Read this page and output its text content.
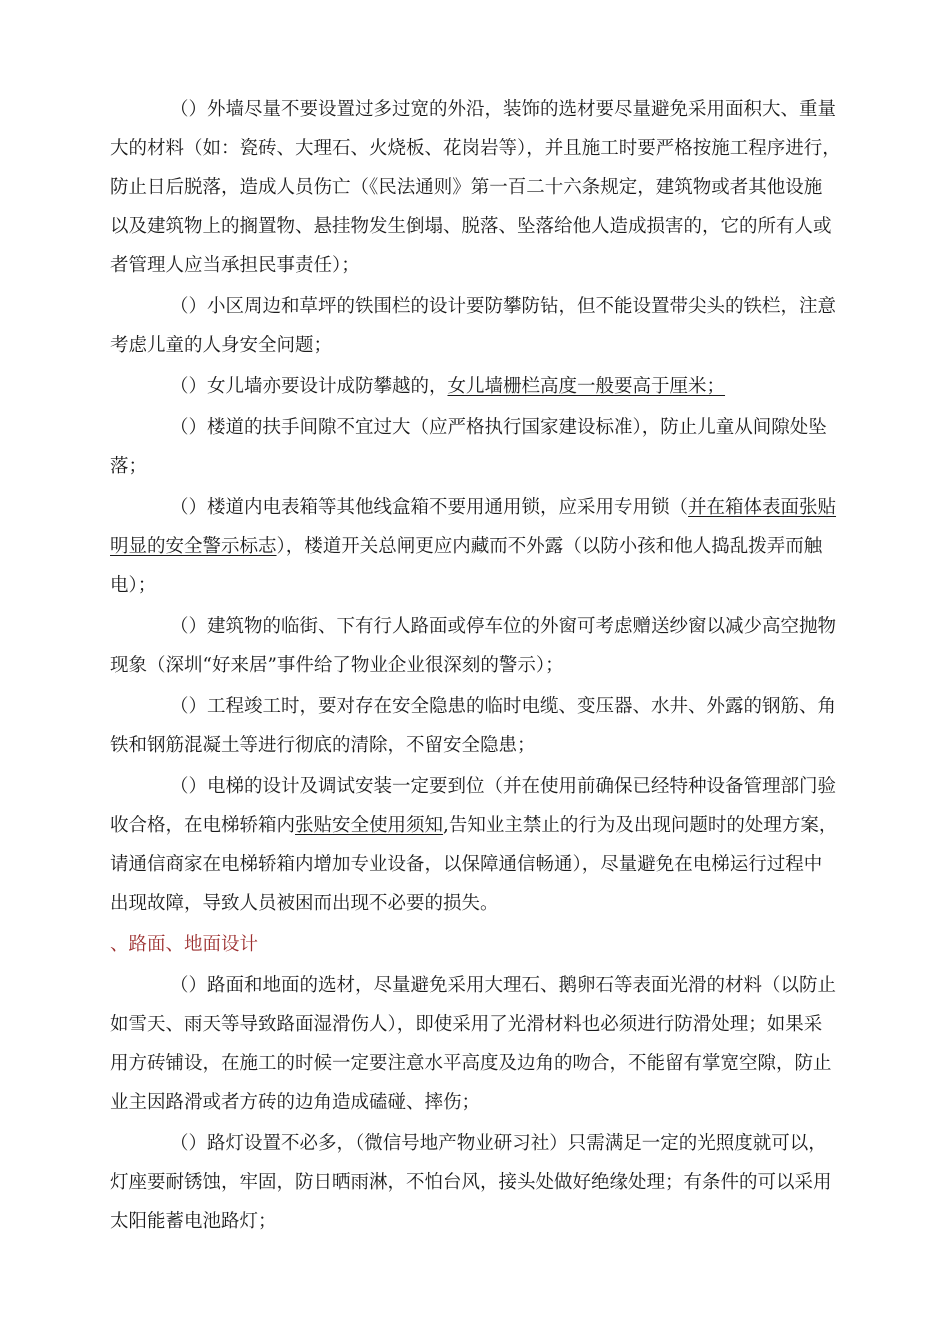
（）外墙尽量不要设置过多过宽的外沿，装饰的选材要尽量避免采用面积大、重量
大的材料（如：瓷砖、大理石、火烧板、花岗岩等），并且施工时要严格按施工程序进行，
防止日后脱落，造成人员伤亡（《民法通则》第一百二十六条规定，建筑物或者其他设施
以及建筑物上的搁置物、悬挂物发生倒塌、脱落、坠落给他人造成损害的，它的所有人或
者管理人应当承担民事责任）；
（）小区周边和草坪的铁围栏的设计要防攀防钻，但不能设置带尖头的铁栏，注意
考虑儿童的人身安全问题；
（）女儿墙亦要设计成防攀越的，女儿墙栅栏高度一般要高于厘米；
（）楼道的扶手间隙不宜过大（应严格执行国家建设标准），防止儿童从间隙处坠
落；
（）楼道内电表箱等其他线盒箱不要用通用锁，应采用专用锁（并在箱体表面张贴
明显的安全警示标志），楼道开关总闸更应内藏而不外露（以防小孩和他人捣乱拨弄而触
电）；
（）建筑物的临街、下有行人路面或停车位的外窗可考虑赠送纱窗以减少高空抛物
现象（深圳“好来居”事件给了物业企业很深刻的警示）；
（）工程竣工时，要对存在安全隐患的临时电缆、变压器、水井、外露的钢筋、角
铁和钢筋混凝土等进行彻底的清除，不留安全隐患；
（）电梯的设计及调试安装一定要到位（并在使用前确保已经特种设备管理部门验
收合格，在电梯轿箱内张贴安全使用须知,告知业主禁止的行为及出现问题时的处理方案，
请通信商家在电梯轿箱内增加专业设备，以保障通信畅通），尽量避免在电梯运行过程中
出现故障，导致人员被困而出现不必要的损失。
、路面、地面设计
（）路面和地面的选材，尽量避免采用大理石、鹅卵石等表面光滑的材料（以防止
如雪天、雨天等导致路面湿滑伤人），即使采用了光滑材料也必须进行防滑处理；如果采
用方砖铺设，在施工的时候一定要注意水平高度及边角的吻合，不能留有掌宽空隙，防止
业主因路滑或者方砖的边角造成磕碰、摔伤；
（）路灯设置不必多，（微信号地产物业研习社）只需满足一定的光照度就可以，
灯座要耐锈蚀，牢固，防日晒雨淋，不怕台风，接头处做好绝缘处理；有条件的可以采用
太阳能蓄电池路灯；
